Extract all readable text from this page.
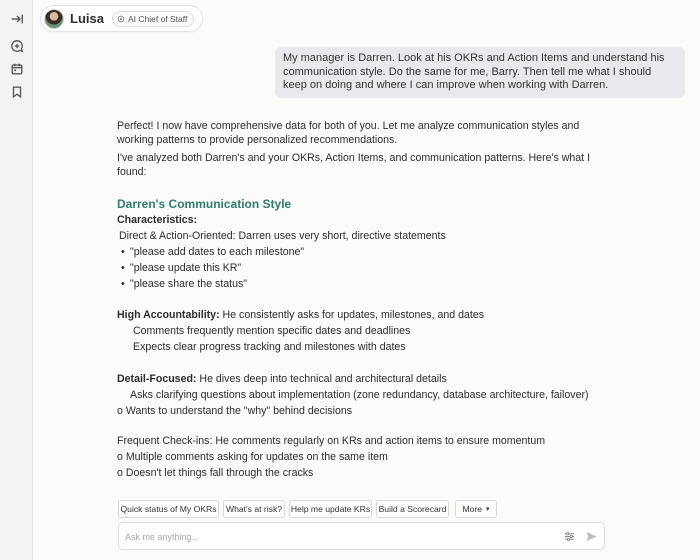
Luisa	AI Chief of Staff
My manager is Darren. Look at his OKRs and Action Items and understand his communication style. Do the same for me, Barry. Then tell me what I should keep on doing and where I can improve when working with Darren.
Perfect! I now have comprehensive data for both of you. Let me analyze communication styles and
working patterns to provide personalized recommendations.
I've analyzed both Darren's and your OKRs, Action Items, and communication patterns. Here's what I
found:
Darren's Communication Style
Characteristics:
Direct & Action-Oriented: Darren uses very short, directive statements
• "please add dates to each milestone"
• "please update this KR"
• "please share the status"
High Accountability: He consistently asks for updates, milestones, and dates
Comments frequently mention specific dates and deadlines
Expects clear progress tracking and milestones with dates
Detail-Focused: He dives deep into technical and architectural details
Asks clarifying questions about implementation (zone redundancy, database architecture, failover)
o Wants to understand the "why" behind decisions
Frequent Check-ins: He comments regularly on KRs and action items to ensure momentum
o Multiple comments asking for updates on the same item
o Doesn't let things fall through the cracks
Quick status of My OKRs	What's at risk?	Help me update KRs Build a Scorecard More ▾
Ask me anything...
